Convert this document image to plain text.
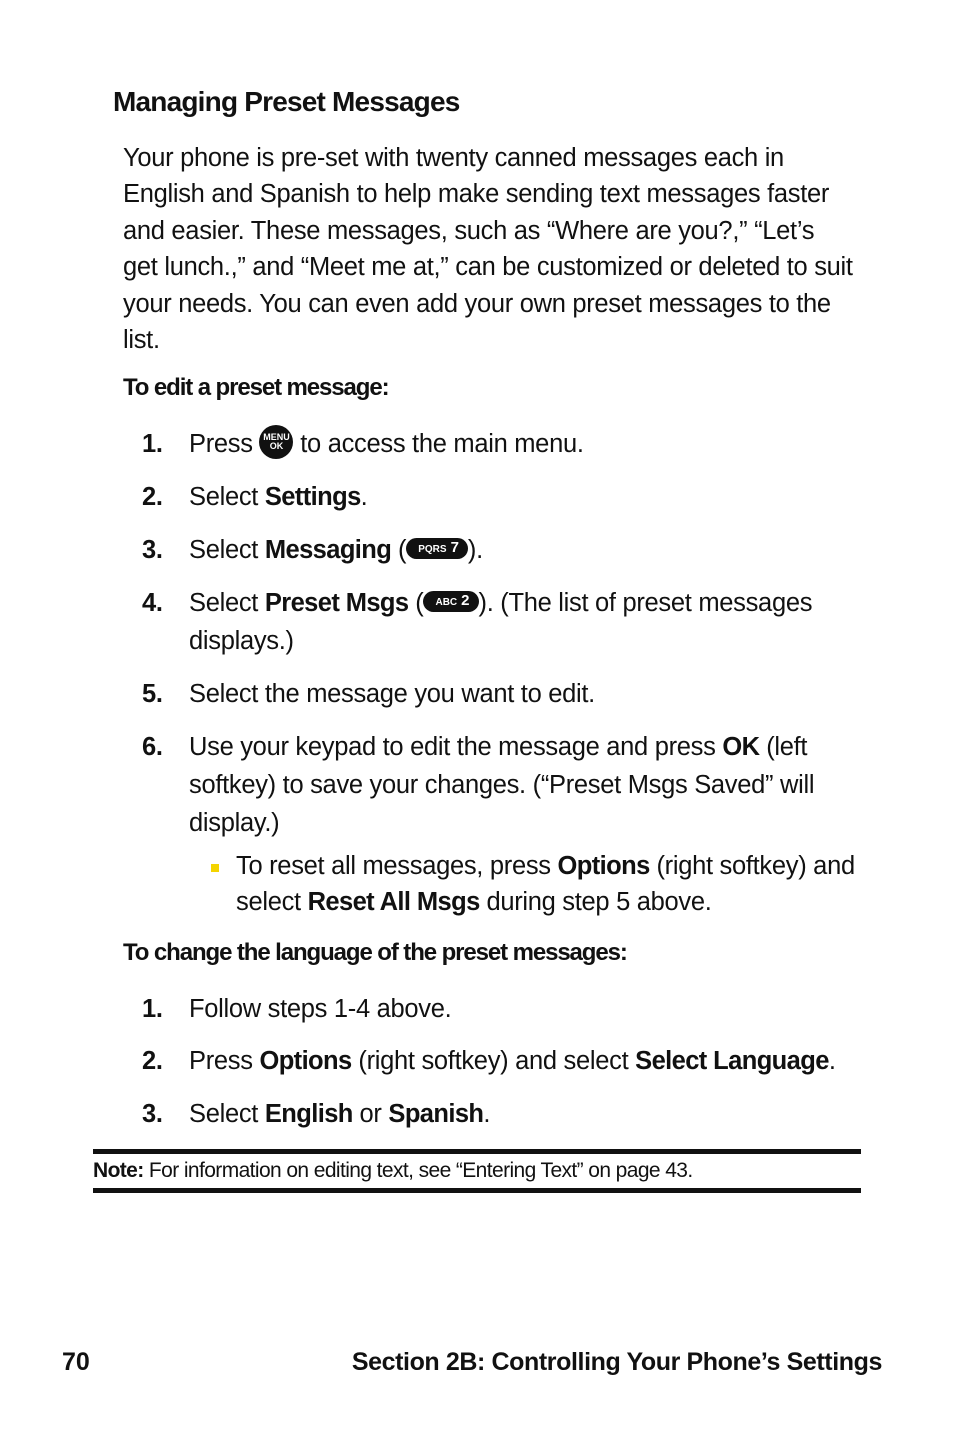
Managing Preset Messages

Your phone is pre-set with twenty canned messages each in English and Spanish to help make sending text messages faster and easier. These messages, such as “Where are you?,” “Let’s get lunch.,” and “Meet me at,” can be customized or deleted to suit your needs. You can even add your own preset messages to the list.

To edit a preset message:

1. Press MENU
OK to access the main menu.
2. Select Settings.
3. Select Messaging ( PQRS 7 ).
4. Select Preset Msgs ( ABC 2 ). (The list of preset messages displays.)
5. Select the message you want to edit.
6. Use your keypad to edit the message and press OK (left softkey) to save your changes. (“Preset Msgs Saved” will display.)
To reset all messages, press Options (right softkey) and select Reset All Msgs during step 5 above.

To change the language of the preset messages:

1. Follow steps 1-4 above.
2. Press Options (right softkey) and select Select Language.
3. Select English or Spanish.
Note: For information on editing text, see “Entering Text” on page 43.
70	Section 2B: Controlling Your Phone’s Settings
